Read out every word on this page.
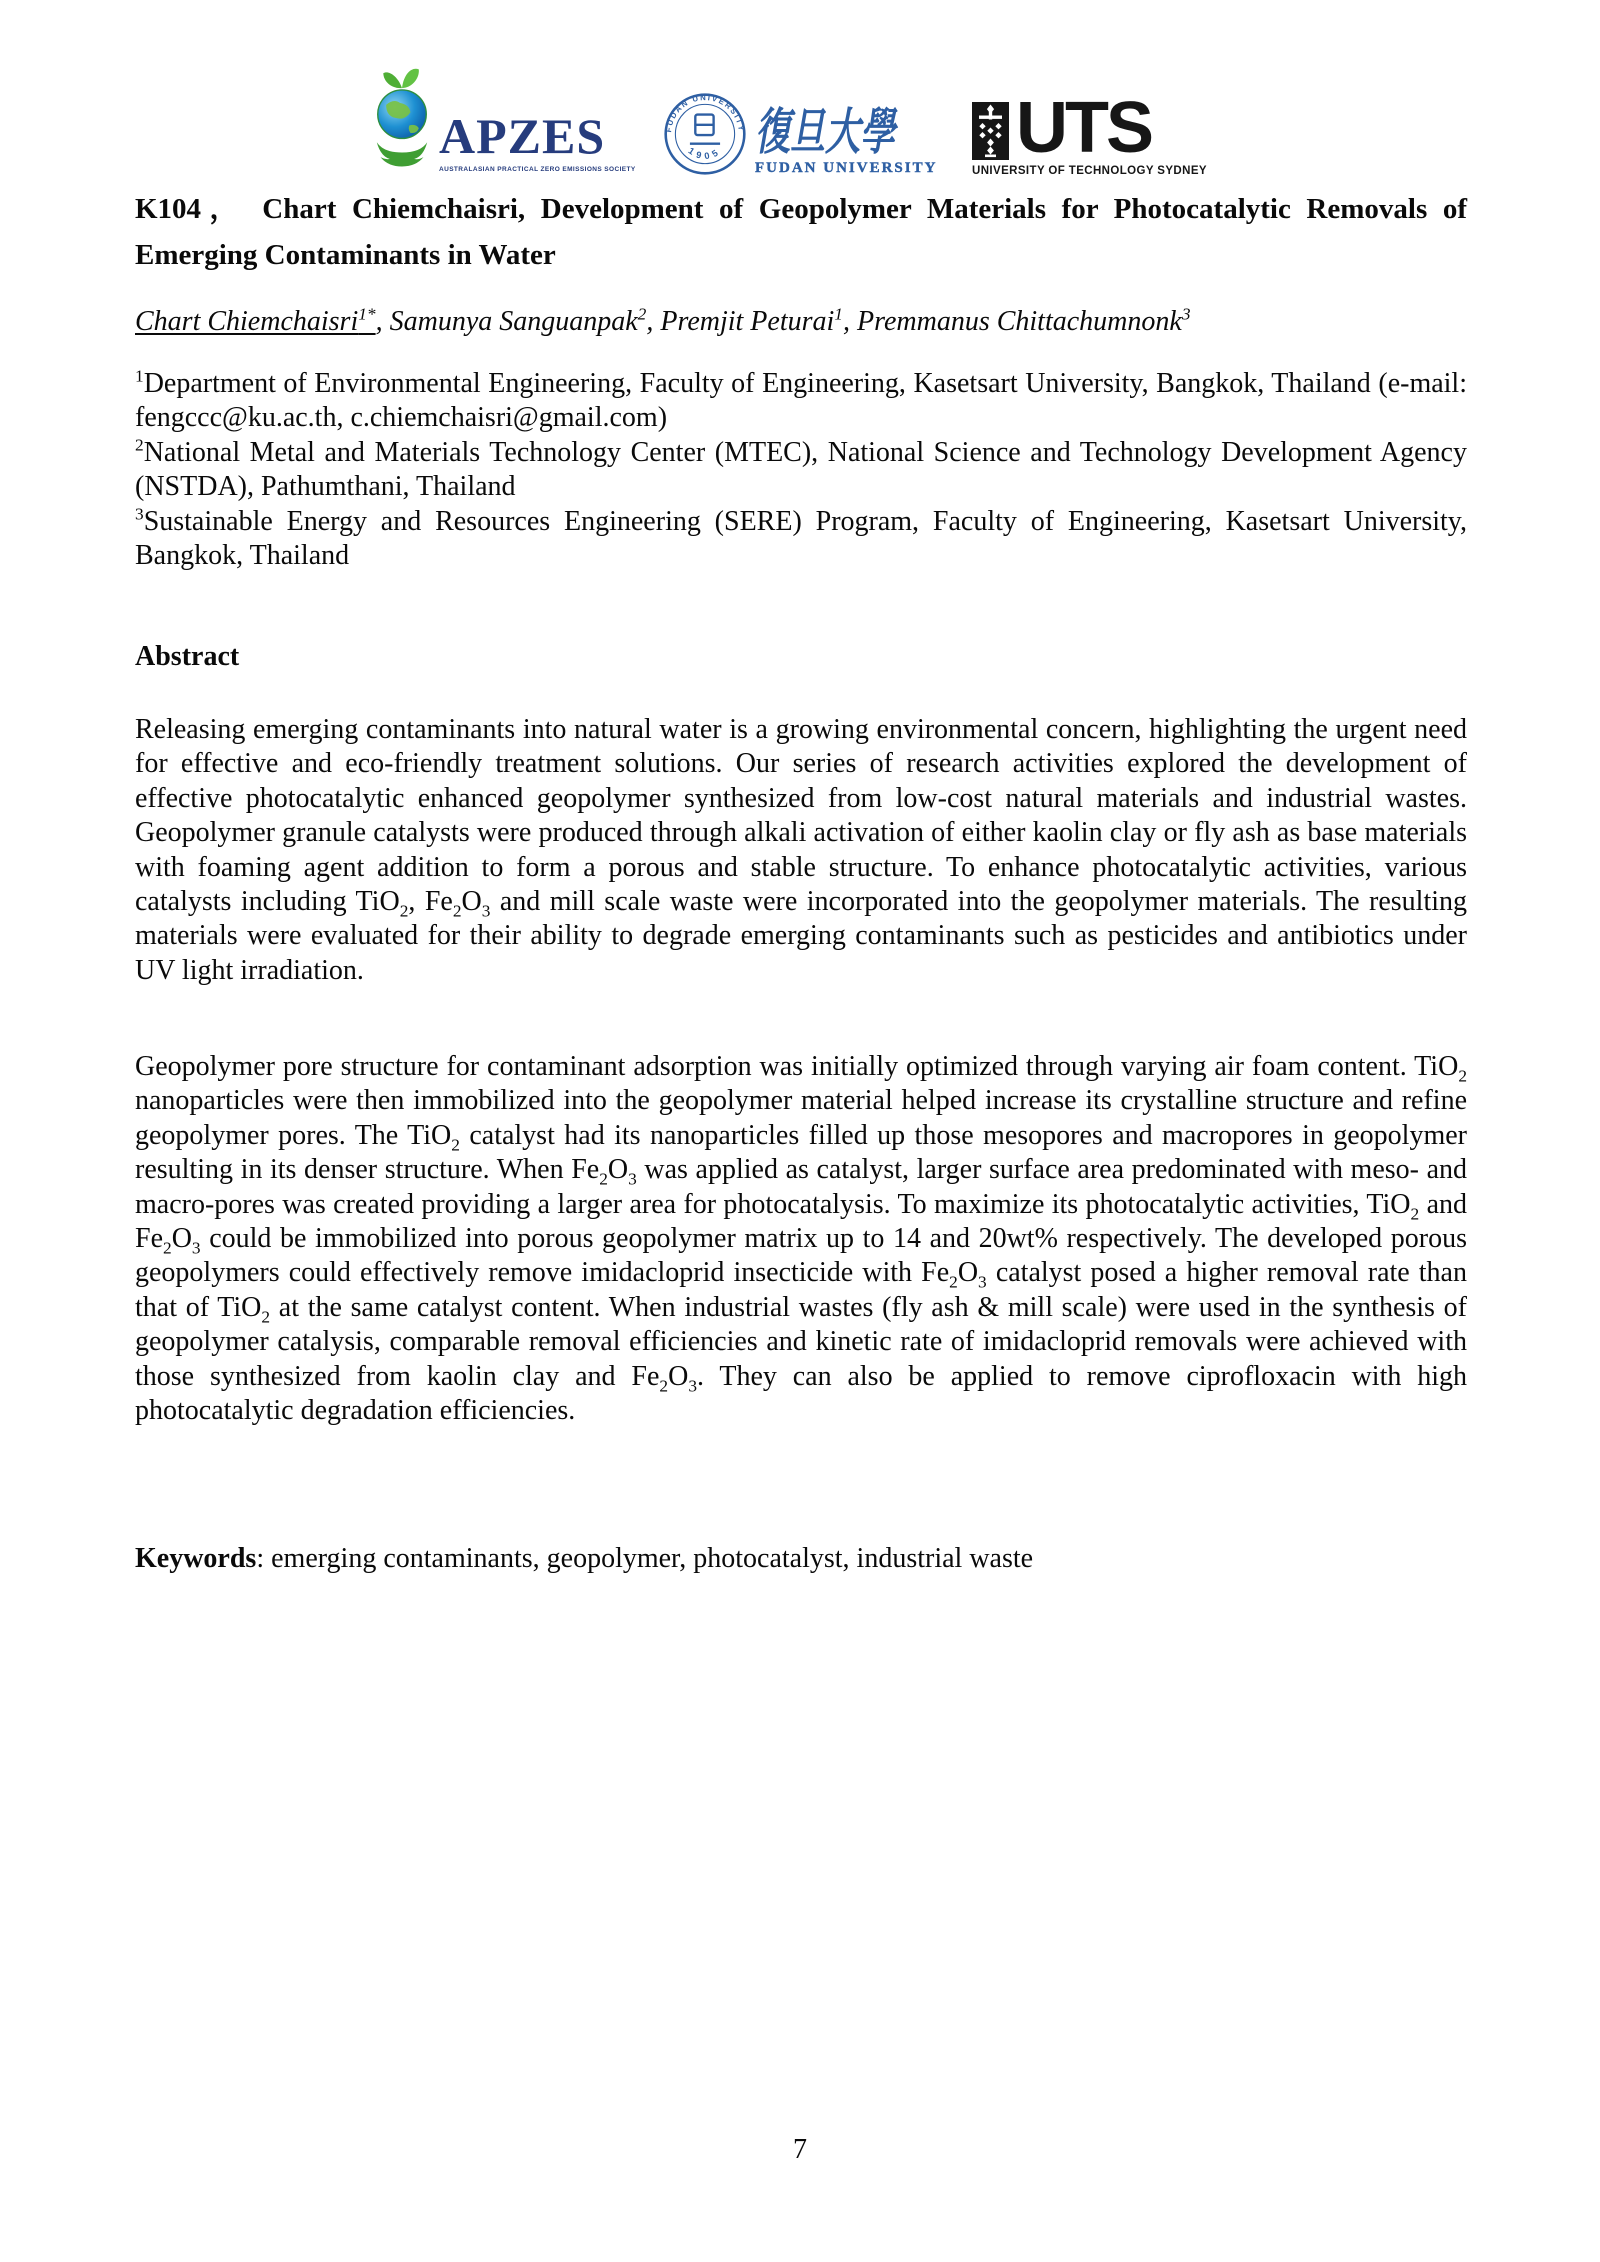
APZES
AUSTRALASIAN PRACTICAL ZERO EMISSIONS SOCIETY
FUDAN UNIVERSITY
1905 復旦大學
FUDAN UNIVERSITY UTS
UNIVERSITY OF TECHNOLOGY SYDNEY
K104， Chart Chiemchaisri, Development of Geopolymer Materials for Photocatalytic Removals of Emerging Contaminants in Water
Chart Chiemchaisri$^{1*}$, Samunya Sanguanpak$^2$, Premjit Peturai$^1$, Premmanus Chittachumnonk$^3$

$^1$Department of Environmental Engineering, Faculty of Engineering, Kasetsart University, Bangkok, Thailand (e-mail: fengccc@ku.ac.th, c.chiemchaisri@gmail.com)

$^2$National Metal and Materials Technology Center (MTEC), National Science and Technology Development Agency (NSTDA), Pathumthani, Thailand

$^3$Sustainable Energy and Resources Engineering (SERE) Program, Faculty of Engineering, Kasetsart University, Bangkok, Thailand

Abstract

Releasing emerging contaminants into natural water is a growing environmental concern, highlighting the urgent need for effective and eco-friendly treatment solutions. Our series of research activities explored the development of effective photocatalytic enhanced geopolymer synthesized from low-cost natural materials and industrial wastes. Geopolymer granule catalysts were produced through alkali activation of either kaolin clay or fly ash as base materials with foaming agent addition to form a porous and stable structure. To enhance photocatalytic activities, various catalysts including TiO$_2$, $Fe_2O_3$ and mill scale waste were incorporated into the geopolymer materials. The resulting materials were evaluated for their ability to degrade emerging contaminants such as pesticides and antibiotics under UV light irradiation.

Geopolymer pore structure for contaminant adsorption was initially optimized through varying air foam content. TiO$_2$ nanoparticles were then immobilized into the geopolymer material helped increase its crystalline structure and refine geopolymer pores. The TiO$_2$ catalyst had its nanoparticles filled up those mesopores and macropores in geopolymer resulting in its denser structure. When $Fe_2O_3$ was applied as catalyst, larger surface area predominated with meso- and macro-pores was created providing a larger area for photocatalysis. To maximize its photocatalytic activities, TiO$_2$ and $Fe_2O_3$ could be immobilized into porous geopolymer matrix up to 14 and 20wt% respectively. The developed porous geopolymers could effectively remove imidacloprid insecticide with $Fe_2O_3$ catalyst posed a higher removal rate than that of TiO$_2$ at the same catalyst content. When industrial wastes (fly ash & mill scale) were used in the synthesis of geopolymer catalysis, comparable removal efficiencies and kinetic rate of imidacloprid removals were achieved with those synthesized from kaolin clay and $Fe_2O_3$. They can also be applied to remove ciprofloxacin with high photocatalytic degradation efficiencies.

Keywords: emerging contaminants, geopolymer, photocatalyst, industrial waste
7
